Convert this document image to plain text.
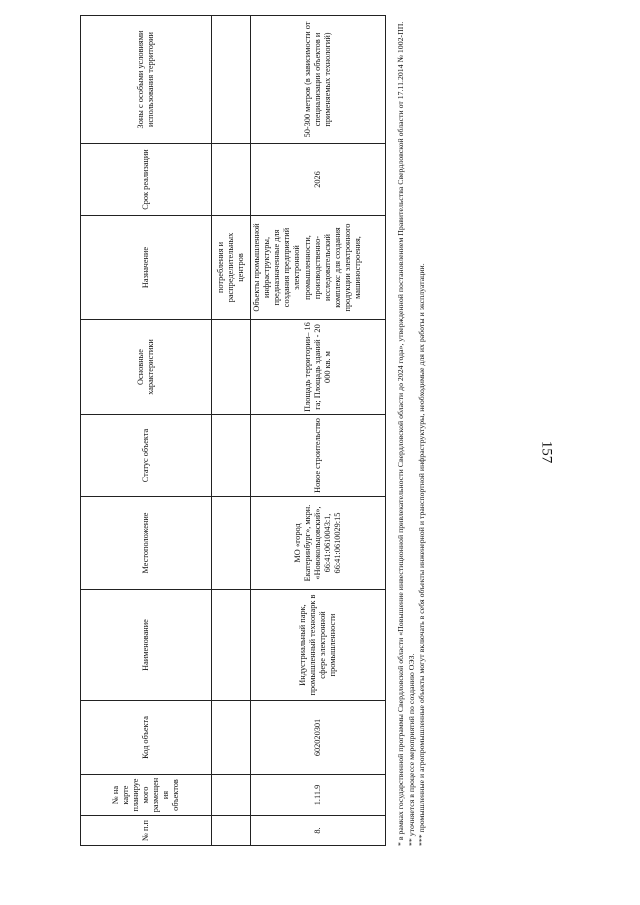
157
№ п.п	№ на карте планируемого размещения объектов	Код объекта	Наименование	Местоположение	Статус объекта	Основные характеристики	Назначение	Срок реализации	Зоны с особыми условиями использования территории
							потребления и распределительных центров		
8.	1.11.9	602020301	Индустриальный парк, промышленный технопарк в сфере электронной промышленности	МО «город Екатеринбург», мкрн. «Новокольцовский», 66:41:0610043:1, 66:41:0610029:15	Новое строительство	Площадь территории– 16 га; Площадь зданий - 20 000 кв. м	Объекты промышленной инфраструктуры, предназначенные для создания предприятий электронной промышленности, производственно-исследовательский комплекс для создания продукции электронного машиностроения,	2026	50-300 метров (в зависимости от специализации объектов и применяемых технологий)	* в рамках государственной программы Свердловской области «Повышение инвестиционной привлекательности Свердловской области до 2024 года», утвержденной постановлением Правительства Свердловской области от 17.11.2014 № 1002-ПП. ** уточняется в процессе мероприятий по созданию ОЭЗ. *** промышленные и агропромышленные объекты могут включать в себя объекты инженерной и транспортной инфраструктуры, необходимые для их работы и эксплуатации.
